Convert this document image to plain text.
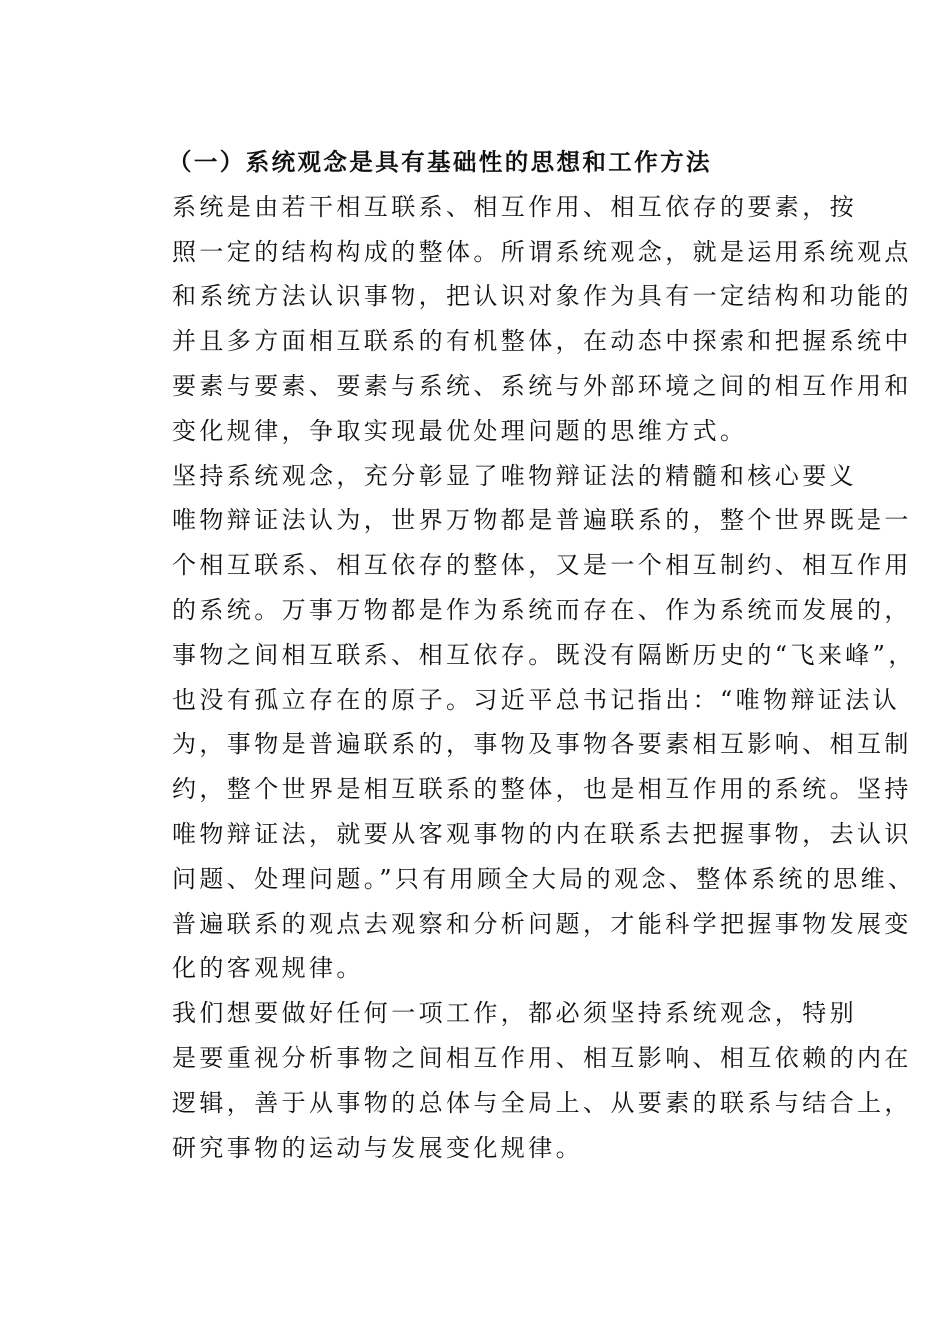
（一）系统观念是具有基础性的思想和工作方法

系统是由若干相互联系、相互作用、相互依存的要素，按
照一定的结构构成的整体。所谓系统观念，就是运用系统观点
和系统方法认识事物，把认识对象作为具有一定结构和功能的
并且多方面相互联系的有机整体，在动态中探索和把握系统中
要素与要素、要素与系统、系统与外部环境之间的相互作用和
变化规律，争取实现最优处理问题的思维方式。

坚持系统观念，充分彰显了唯物辩证法的精髓和核心要义
唯物辩证法认为，世界万物都是普遍联系的，整个世界既是一
个相互联系、相互依存的整体，又是一个相互制约、相互作用
的系统。万事万物都是作为系统而存在、作为系统而发展的，
事物之间相互联系、相互依存。既没有隔断历史的“飞来峰”，
也没有孤立存在的原子。习近平总书记指出：“唯物辩证法认
为，事物是普遍联系的，事物及事物各要素相互影响、相互制
约，整个世界是相互联系的整体，也是相互作用的系统。坚持
唯物辩证法，就要从客观事物的内在联系去把握事物，去认识
问题、处理问题。”只有用顾全大局的观念、整体系统的思维、
普遍联系的观点去观察和分析问题，才能科学把握事物发展变
化的客观规律。

我们想要做好任何一项工作，都必须坚持系统观念，特别
是要重视分析事物之间相互作用、相互影响、相互依赖的内在
逻辑，善于从事物的总体与全局上、从要素的联系与结合上，
研究事物的运动与发展变化规律。
